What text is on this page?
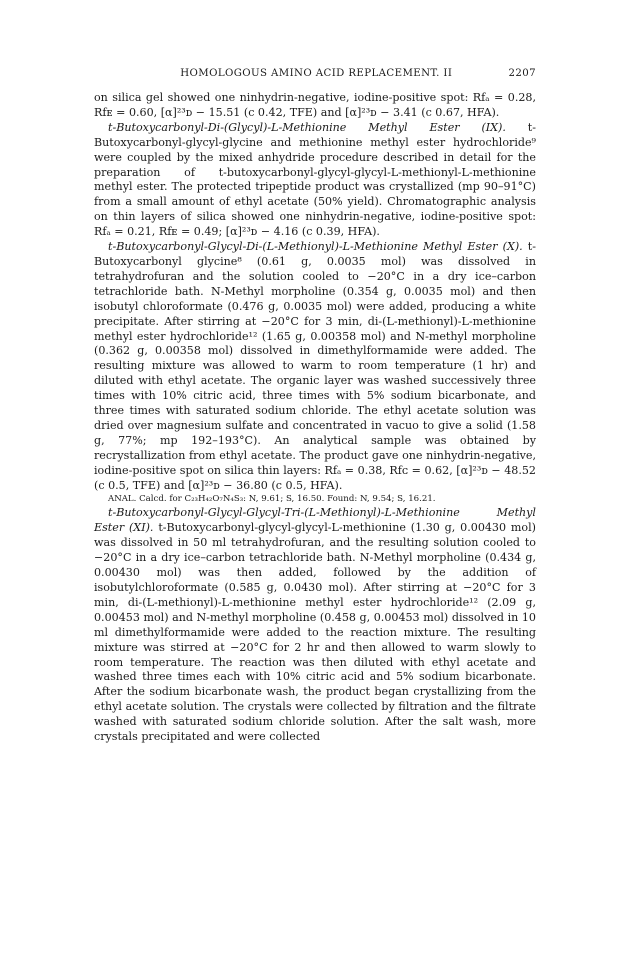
HOMOLOGOUS AMINO ACID REPLACEMENT. II	2207

on silica gel showed one ninhydrin-negative, iodine-positive spot: Rfₐ = 0.28, Rfᴇ = 0.60, [α]²³ᴅ − 15.51 (c 0.42, TFE) and [α]²³ᴅ − 3.41 (c 0.67, HFA).

t-Butoxycarbonyl-Di-(Glycyl)-L-Methionine Methyl Ester (IX). t-Butoxycarbonyl-glycyl-glycine and methionine methyl ester hydrochloride⁹ were coupled by the mixed anhydride procedure described in detail for the preparation of t-butoxycarbonyl-glycyl-glycyl-L-methionyl-L-methionine methyl ester. The protected tripeptide product was crystallized (mp 90–91°C) from a small amount of ethyl acetate (50% yield). Chromatographic analysis on thin layers of silica showed one ninhydrin-negative, iodine-positive spot: Rfₐ = 0.21, Rfᴇ = 0.49; [α]²³ᴅ − 4.16 (c 0.39, HFA).

t-Butoxycarbonyl-Glycyl-Di-(L-Methionyl)-L-Methionine Methyl Ester (X). t-Butoxycarbonyl glycine⁸ (0.61 g, 0.0035 mol) was dissolved in tetrahydrofuran and the solution cooled to −20°C in a dry ice–carbon tetrachloride bath. N-Methyl morpholine (0.354 g, 0.0035 mol) and then isobutyl chloroformate (0.476 g, 0.0035 mol) were added, producing a white precipitate. After stirring at −20°C for 3 min, di-(L-methionyl)-L-methionine methyl ester hydrochloride¹² (1.65 g, 0.00358 mol) and N-methyl morpholine (0.362 g, 0.00358 mol) dissolved in dimethylformamide were added. The resulting mixture was allowed to warm to room temperature (1 hr) and diluted with ethyl acetate. The organic layer was washed successively three times with 10% citric acid, three times with 5% sodium bicarbonate, and three times with saturated sodium chloride. The ethyl acetate solution was dried over magnesium sulfate and concentrated in vacuo to give a solid (1.58 g, 77%; mp 192–193°C). An analytical sample was obtained by recrystallization from ethyl acetate. The product gave one ninhydrin-negative, iodine-positive spot on silica thin layers: Rfₐ = 0.38, Rfᴄ = 0.62, [α]²³ᴅ − 48.52 (c 0.5, TFE) and [α]²³ᴅ − 36.80 (c 0.5, HFA).

ANAL. Calcd. for C₂₃H₄₂O₇N₄S₃: N, 9.61; S, 16.50. Found: N, 9.54; S, 16.21.

t-Butoxycarbonyl-Glycyl-Glycyl-Tri-(L-Methionyl)-L-Methionine Methyl Ester (XI). t-Butoxycarbonyl-glycyl-glycyl-L-methionine (1.30 g, 0.00430 mol) was dissolved in 50 ml tetrahydrofuran, and the resulting solution cooled to −20°C in a dry ice–carbon tetrachloride bath. N-Methyl morpholine (0.434 g, 0.00430 mol) was then added, followed by the addition of isobutylchloroformate (0.585 g, 0.0430 mol). After stirring at −20°C for 3 min, di-(L-methionyl)-L-methionine methyl ester hydrochloride¹² (2.09 g, 0.00453 mol) and N-methyl morpholine (0.458 g, 0.00453 mol) dissolved in 10 ml dimethylformamide were added to the reaction mixture. The resulting mixture was stirred at −20°C for 2 hr and then allowed to warm slowly to room temperature. The reaction was then diluted with ethyl acetate and washed three times each with 10% citric acid and 5% sodium bicarbonate. After the sodium bicarbonate wash, the product began crystallizing from the ethyl acetate solution. The crystals were collected by filtration and the filtrate washed with saturated sodium chloride solution. After the salt wash, more crystals precipitated and were collected
